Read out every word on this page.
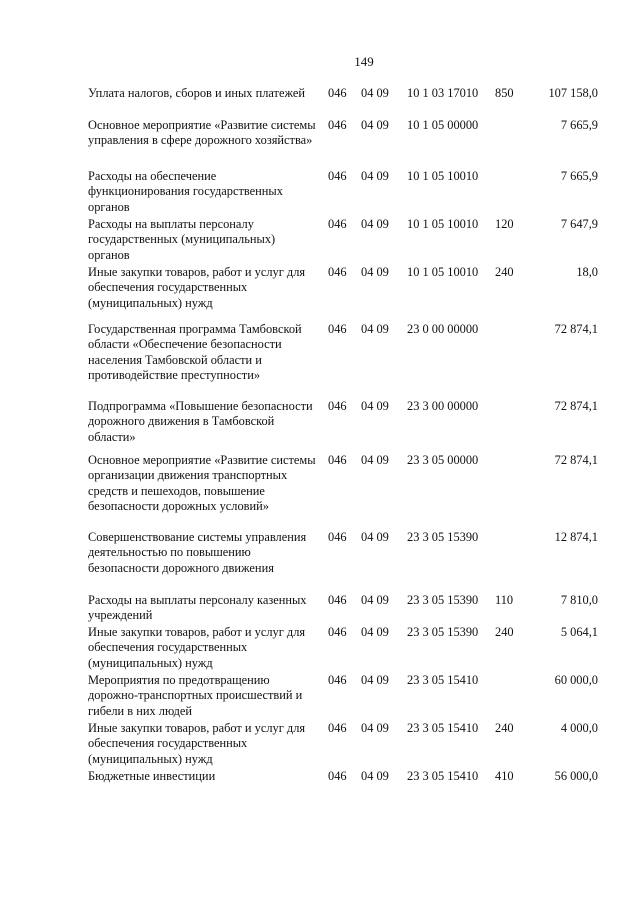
149
Уплата налогов, сборов и иных платежей	046 04 09 10 1 03 17010 850	107 158,0
Основное мероприятие «Развитие системы управления в сфере дорожного хозяйства»
046 04 09 10 1 05 00000	7 665,9
Расходы на обеспечение функционирования государственных органов
046 04 09 10 1 05 10010	7 665,9
Расходы на выплаты персоналу государственных (муниципальных) органов
046 04 09 10 1 05 10010 120	7 647,9
Иные закупки товаров, работ и услуг для обеспечения государственных (муниципальных) нужд
046 04 09 10 1 05 10010 240	18,0
Государственная программа Тамбовской области «Обеспечение безопасности населения Тамбовской области и противодействие преступности»
046 04 09 23 0 00 00000	72 874,1
Подпрограмма «Повышение безопасности дорожного движения в Тамбовской области»
046 04 09 23 3 00 00000	72 874,1
Основное мероприятие «Развитие системы организации движения транспортных средств и пешеходов, повышение безопасности дорожных условий»
046 04 09 23 3 05 00000	72 874,1
Совершенствование системы управления деятельностью по повышению безопасности дорожного движения
046 04 09 23 3 05 15390	12 874,1
Расходы на выплаты персоналу казенных учреждений
046 04 09 23 3 05 15390 110	7 810,0
Иные закупки товаров, работ и услуг для обеспечения государственных (муниципальных) нужд
046 04 09 23 3 05 15390 240	5 064,1
Мероприятия по предотвращению дорожно-транспортных происшествий и гибели в них людей
046 04 09 23 3 05 15410	60 000,0
Иные закупки товаров, работ и услуг для обеспечения государственных (муниципальных) нужд
046 04 09 23 3 05 15410 240	4 000,0
Бюджетные инвестиции	046 04 09 23 3 05 15410 410	56 000,0
